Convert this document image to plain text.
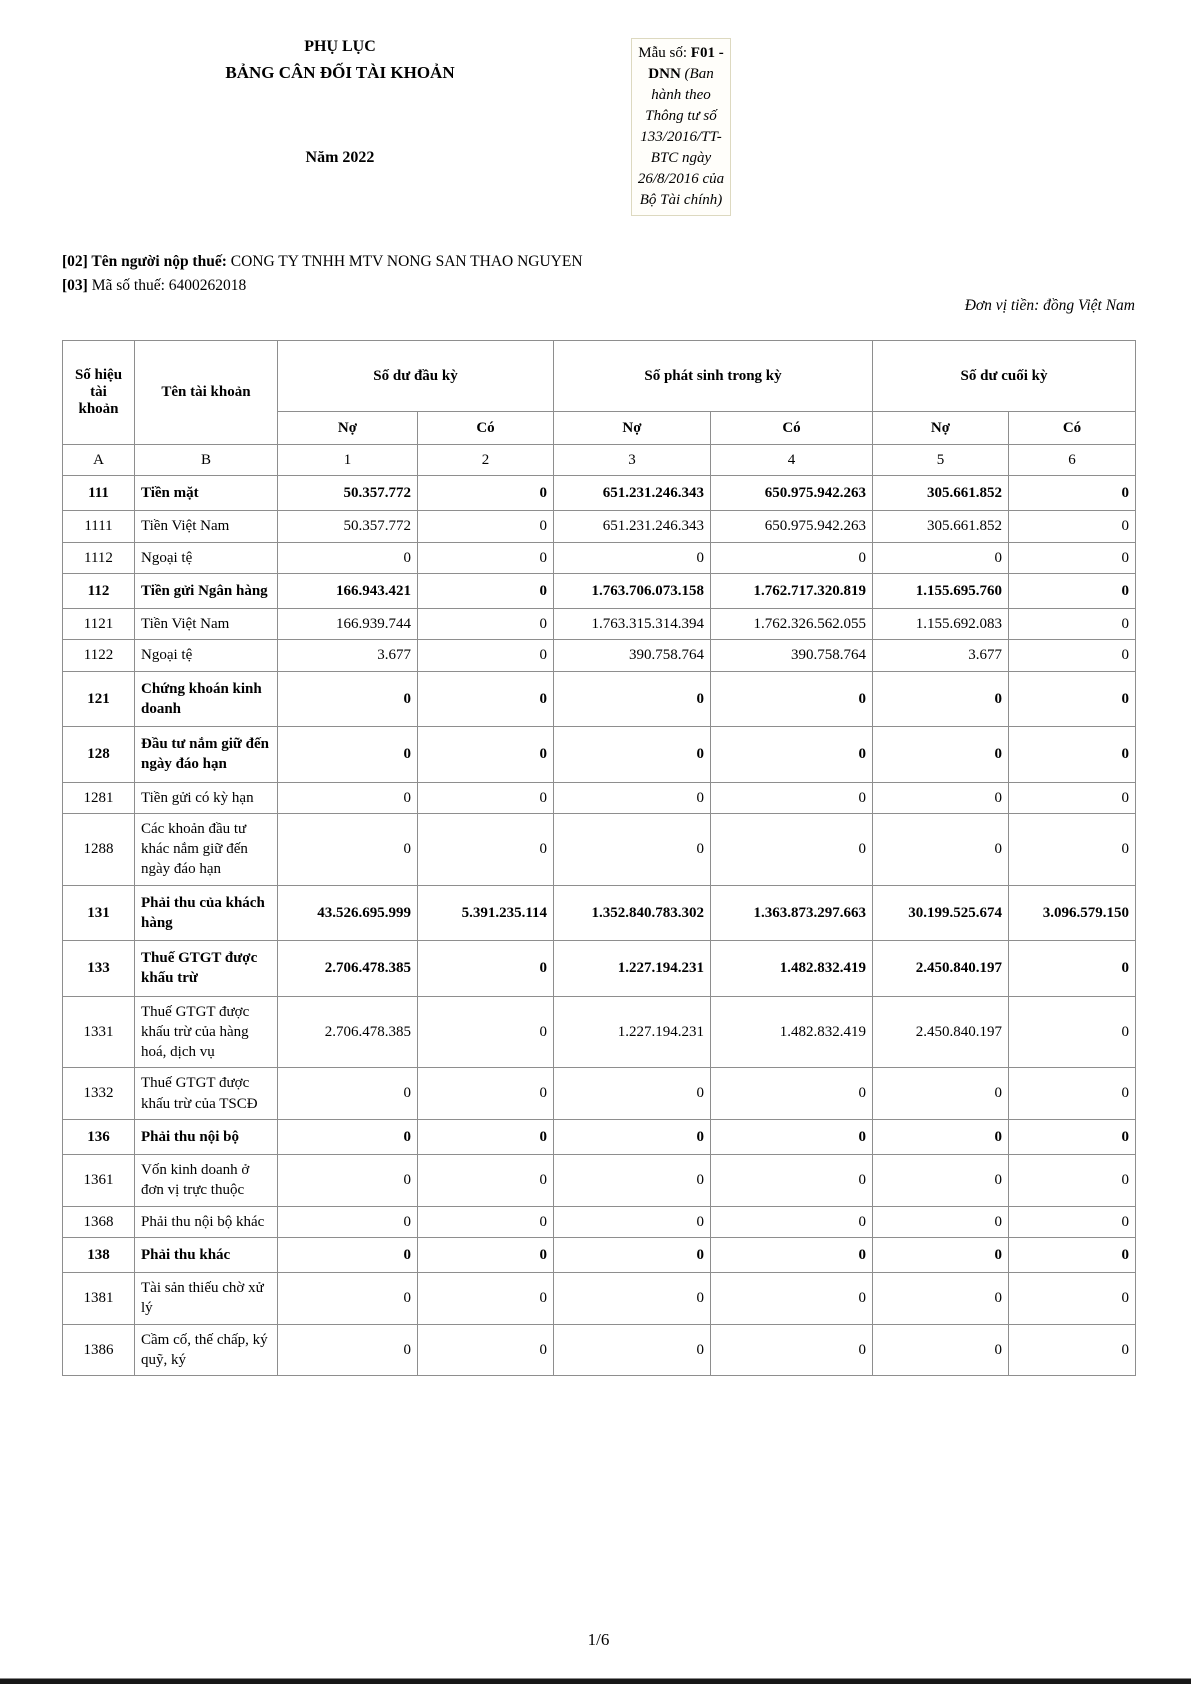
PHỤ LỤC
BẢNG CÂN ĐỐI TÀI KHOẢN
Năm 2022
Mẫu số: F01 - DNN (Ban hành theo Thông tư số 133/2016/TT-BTC ngày 26/8/2016 của Bộ Tài chính)
[02] Tên người nộp thuế: CONG TY TNHH MTV NONG SAN THAO NGUYEN
[03] Mã số thuế: 6400262018
Đơn vị tiền: đồng Việt Nam
Số hiệu tài khoản	Tên tài khoản	Số dư đầu kỳ		Số phát sinh trong kỳ		Số dư cuối kỳ	
		Nợ	Có	Nợ	Có	Nợ	Có
A	B	1	2	3	4	5	6
111	Tiền mặt	50.357.772	0	651.231.246.343	650.975.942.263	305.661.852	0
1111	Tiền Việt Nam	50.357.772	0	651.231.246.343	650.975.942.263	305.661.852	0
1112	Ngoại tệ	0	0	0	0	0	0
112	Tiền gửi Ngân hàng	166.943.421	0	1.763.706.073.158	1.762.717.320.819	1.155.695.760	0
1121	Tiền Việt Nam	166.939.744	0	1.763.315.314.394	1.762.326.562.055	1.155.692.083	0
1122	Ngoại tệ	3.677	0	390.758.764	390.758.764	3.677	0
121	Chứng khoán kinh doanh	0	0	0	0	0	0
128	Đầu tư nắm giữ đến ngày đáo hạn	0	0	0	0	0	0
1281	Tiền gửi có kỳ hạn	0	0	0	0	0	0
1288	Các khoản đầu tư khác nắm giữ đến ngày đáo hạn	0	0	0	0	0	0
131	Phải thu của khách hàng	43.526.695.999	5.391.235.114	1.352.840.783.302	1.363.873.297.663	30.199.525.674	3.096.579.150
133	Thuế GTGT được khấu trừ	2.706.478.385	0	1.227.194.231	1.482.832.419	2.450.840.197	0
1331	Thuế GTGT được khấu trừ của hàng hoá, dịch vụ	2.706.478.385	0	1.227.194.231	1.482.832.419	2.450.840.197	0
1332	Thuế GTGT được khấu trừ của TSCĐ	0	0	0	0	0	0
136	Phải thu nội bộ	0	0	0	0	0	0
1361	Vốn kinh doanh ở đơn vị trực thuộc	0	0	0	0	0	0
1368	Phải thu nội bộ khác	0	0	0	0	0	0
138	Phải thu khác	0	0	0	0	0	0
1381	Tài sản thiếu chờ xử lý	0	0	0	0	0	0
1386	Cầm cố, thế chấp, ký quỹ, ký	0	0	0	0	0	0
1/6
